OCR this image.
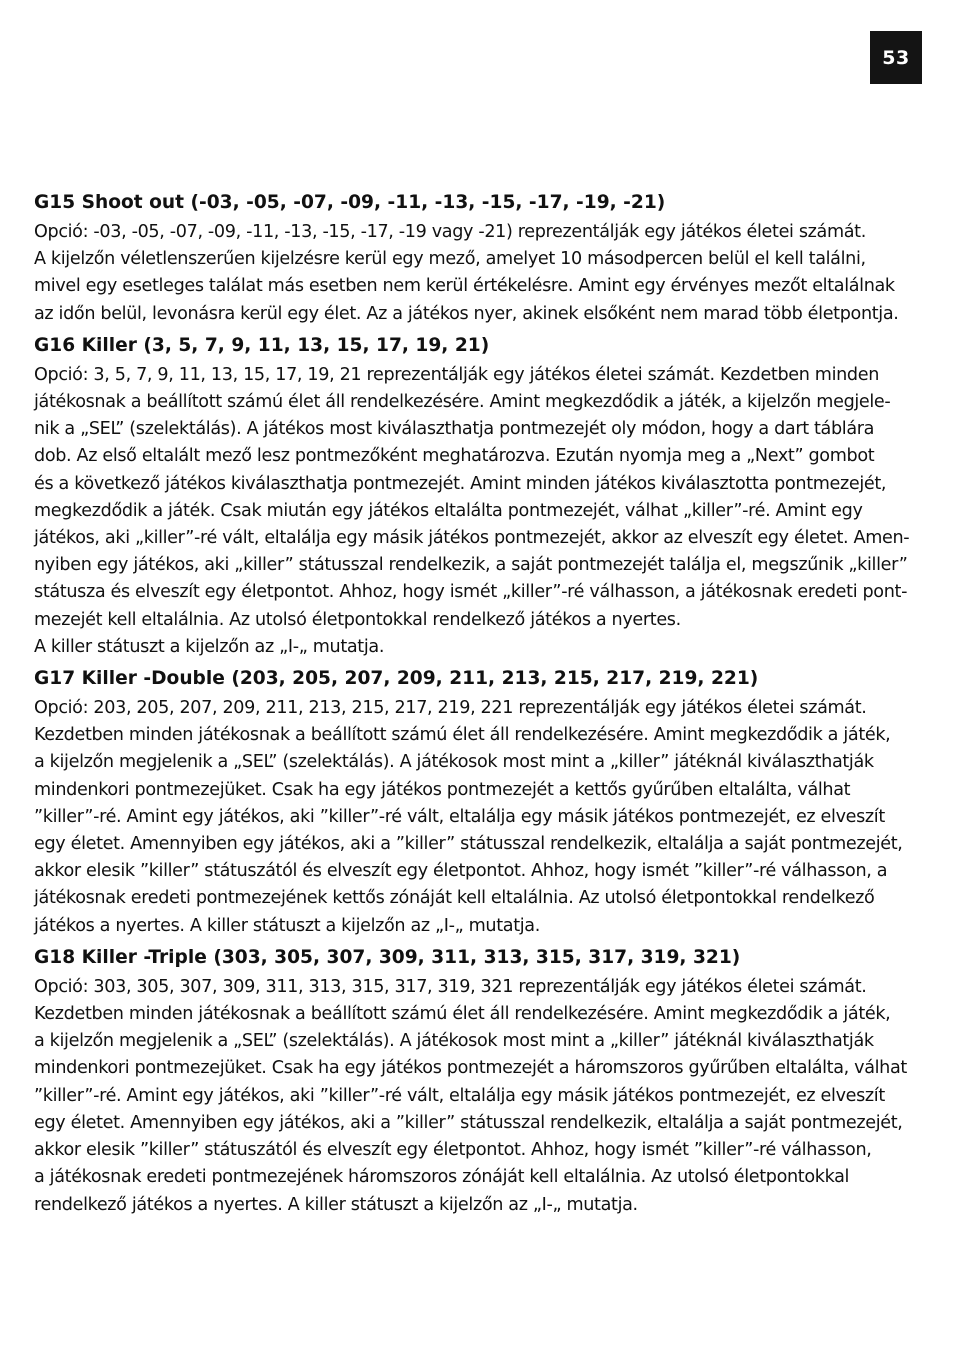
53
G15 Shoot out (-03, -05, -07, -09, -11, -13, -15, -17, -19, -21)
Opció: -03, -05, -07, -09, -11, -13, -15, -17, -19 vagy -21) reprezentálják egy játékos életei számát.
A kijelzőn véletlenszerűen kijelzésre kerül egy mező, amelyet 10 másodpercen belül el kell találni,
mivel egy esetleges találat más esetben nem kerül értékelésre. Amint egy érvényes mezőt eltalálnak
az időn belül, levonásra kerül egy élet. Az a játékos nyer, akinek elsőként nem marad több életpontja.
G16 Killer (3, 5, 7, 9, 11, 13, 15, 17, 19, 21)
Opció: 3, 5, 7, 9, 11, 13, 15, 17, 19, 21 reprezentálják egy játékos életei számát. Kezdetben minden
játékosnak a beállított számú élet áll rendelkezésére. Amint megkezdődik a játék, a kijelzőn megjele-
nik a „SEL” (szelektálás). A játékos most kiválaszthatja pontmezejét oly módon, hogy a dart táblára
dob. Az első eltalált mező lesz pontmezőként meghatározva. Ezután nyomja meg a „Next” gombot
és a következő játékos kiválaszthatja pontmezejét. Amint minden játékos kiválasztotta pontmezejét,
megkezdődik a játék. Csak miután egy játékos eltalálta pontmezejét, válhat „killer”-ré. Amint egy
játékos, aki „killer”-ré vált, eltalálja egy másik játékos pontmezejét, akkor az elveszít egy életet. Amen-
nyiben egy játékos, aki „killer” státusszal rendelkezik, a saját pontmezejét találja el, megszűnik „killer”
státusza és elveszít egy életpontot. Ahhoz, hogy ismét „killer”-ré válhasson, a játékosnak eredeti pont-
mezejét kell eltalálnia. Az utolsó életpontokkal rendelkező játékos a nyertes.
A killer státuszt a kijelzőn az „I-„ mutatja.
G17 Killer -Double (203, 205, 207, 209, 211, 213, 215, 217, 219, 221)
Opció: 203, 205, 207, 209, 211, 213, 215, 217, 219, 221 reprezentálják egy játékos életei számát.
Kezdetben minden játékosnak a beállított számú élet áll rendelkezésére. Amint megkezdődik a játék,
a kijelzőn megjelenik a „SEL” (szelektálás). A játékosok most mint a „killer” játéknál kiválaszthatják
mindenkori pontmezejüket. Csak ha egy játékos pontmezejét a kettős gyűrűben eltalálta, válhat
”killer”-ré. Amint egy játékos, aki ”killer”-ré vált, eltalálja egy másik játékos pontmezejét, ez elveszít
egy életet. Amennyiben egy játékos, aki a ”killer” státusszal rendelkezik, eltalálja a saját pontmezejét,
akkor elesik ”killer” státuszától és elveszít egy életpontot. Ahhoz, hogy ismét ”killer”-ré válhasson, a
játékosnak eredeti pontmezejének kettős zónáját kell eltalálnia. Az utolsó életpontokkal rendelkező
játékos a nyertes. A killer státuszt a kijelzőn az „I-„ mutatja.
G18 Killer -Triple (303, 305, 307, 309, 311, 313, 315, 317, 319, 321)
Opció: 303, 305, 307, 309, 311, 313, 315, 317, 319, 321 reprezentálják egy játékos életei számát.
Kezdetben minden játékosnak a beállított számú élet áll rendelkezésére. Amint megkezdődik a játék,
a kijelzőn megjelenik a „SEL” (szelektálás). A játékosok most mint a „killer” játéknál kiválaszthatják
mindenkori pontmezejüket. Csak ha egy játékos pontmezejét a háromszoros gyűrűben eltalálta, válhat
”killer”-ré. Amint egy játékos, aki ”killer”-ré vált, eltalálja egy másik játékos pontmezejét, ez elveszít
egy életet. Amennyiben egy játékos, aki a ”killer” státusszal rendelkezik, eltalálja a saját pontmezejét,
akkor elesik ”killer” státuszától és elveszít egy életpontot. Ahhoz, hogy ismét ”killer”-ré válhasson,
a játékosnak eredeti pontmezejének háromszoros zónáját kell eltalálnia. Az utolsó életpontokkal
rendelkező játékos a nyertes. A killer státuszt a kijelzőn az „I-„ mutatja.
